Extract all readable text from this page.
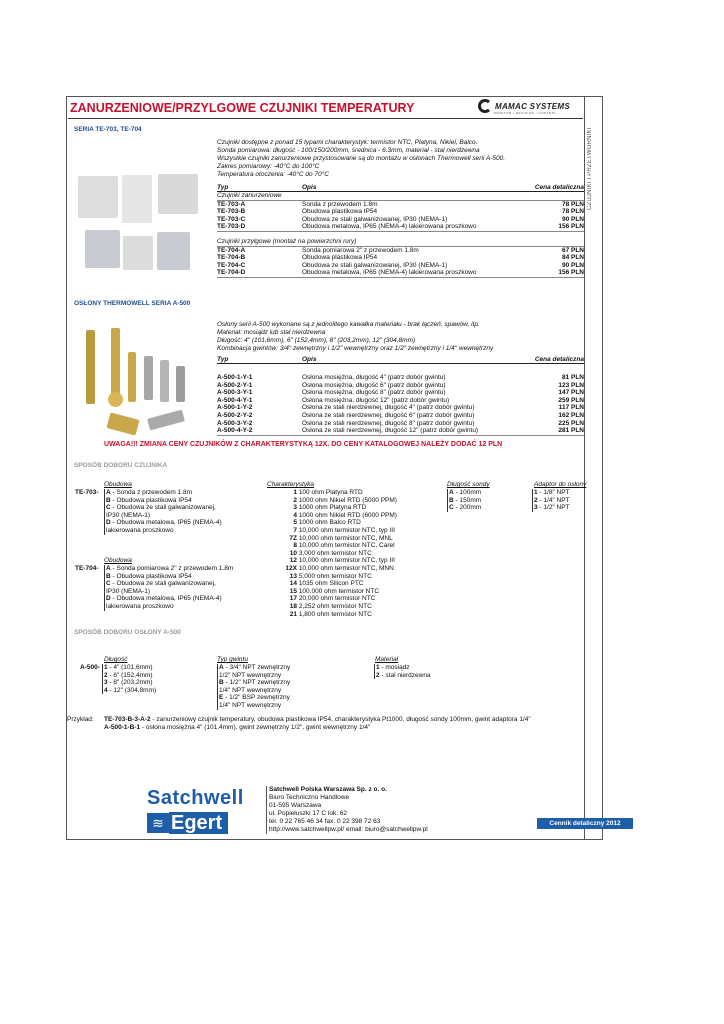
CZUJNIKI I PRZETWORNIKI
ZANURZENIOWE/PRZYLGOWE CZUJNIKI TEMPERATURY	MAMAC SYSTEMS
MONITOR • DECISION • CONTROL
SERIA TE-703, TE-704
Czujniki dostępne z ponad 15 typami charakterystyk: termistor NTC, Platyna, Nikiel, Balco.
Sonda pomiarowa: długość - 100/150/200mm, średnica - 6.3mm, materiał - stal nierdzewna
Wszystkie czujniki zanurzeniowe przystosowane są do montażu w osłonach Thermowell serii A-500.
Zakres pomiarowy: -40°C do 100°C
Temperatura otoczenia: -40°C do 70°C
Typ	Opis	Cena detaliczna
Czujniki zanurzeniowe
TE-703-A	Sonda z przewodem 1.8m	78 PLN
TE-703-B	Obudowa plastikowa IP54	78 PLN
TE-703-C	Obudowa ze stali galwanizowanej, IP30 (NEMA-1)	90 PLN
TE-703-D	Obudowa metalowa, IP65 (NEMA-4) lakierowana proszkowo	156 PLN
Czujniki przylgowe (montaż na powierzchni rury)
TE-704-A	Sonda pomiarowa 2" z przewodem 1.8m	67 PLN
TE-704-B	Obudowa plastikowa IP54	84 PLN
TE-704-C	Obudowa ze stali galwanizowanej, IP30 (NEMA-1)	90 PLN
TE-704-D	Obudowa metalowa, IP65 (NEMA-4) lakierowana proszkowo	156 PLN
OSŁONY THERMOWELL SERIA A-500
Osłony serii A-500 wykonane są z jednolitego kawałka materiału - brak łączeń, spawów, itp.
Materiał: mosiądz lub stal nierdzewna
Długość: 4" (101,6mm), 6" (152,4mm), 8" (203,2mm), 12" (304,8mm)
Kombinacja gwintów: 3/4" zewnętrzny i 1/2" wewnętrzny oraz 1/2" zewnętrzny i 1/4" wewnętrzny
Typ	Opis	Cena detaliczna
A-500-1-Y-1	Osłona mosiężna, długość 4" (patrz dobór gwintu)	81 PLN
A-500-2-Y-1	Osłona mosiężna, długość 6" (patrz dobór gwintu)	123 PLN
A-500-3-Y-1	Osłona mosiężna, długość 8" (patrz dobór gwintu)	147 PLN
A-500-4-Y-1	Osłona mosiężna, długość 12" (patrz dobór gwintu)	259 PLN
A-500-1-Y-2	Osłona ze stali nierdzewnej, długość 4" (patrz dobór gwintu)	117 PLN
A-500-2-Y-2	Osłona ze stali nierdzewnej, długość 6" (patrz dobór gwintu)	162 PLN
A-500-3-Y-2	Osłona ze stali nierdzewnej, długość 8" (patrz dobór gwintu)	225 PLN
A-500-4-Y-2	Osłona ze stali nierdzewnej, długość 12" (patrz dobór gwintu)	281 PLN
UWAGA!!! ZMIANA CENY CZUJNIKÓW Z CHARAKTERYSTYKĄ 12X. DO CENY KATALOGOWEJ NALEŻY DODAĆ 12 PLN
SPOSÓB DOBORU CZUJNIKA
Obudowa
TE-703- A - Sonda z przewodem 1.8m
B - Obudowa plastikowa IP54
C - Obudowa ze stali galwanizowanej,
IP30 (NEMA-1)
D - Obudowa metalowa, IP65 (NEMA-4)
lakierowana proszkowo
Obudowa
TE-704- A - Sonda pomiarowa 2" z przewodem 1.8m
B - Obudowa plastikowa IP54
C - Obudowa ze stali galwanizowanej,
IP30 (NEMA-1)
D - Obudowa metalowa, IP65 (NEMA-4)
lakierowana proszkowo
Charakterystyka
1 100 ohm Platyna RTD
2 1000 ohm Nikiel RTD (5000 PPM)
3 1000 ohm Platyna RTD
4 1000 ohm Nikiel RTD (6000 PPM)
5 1000 ohm Balco RTD
7 10,000 ohm termistor NTC, typ III
7Z 10,000 ohm termistor NTC, MNL
8 10,000 ohm termistor NTC, Carel
10 3,000 ohm termistor NTC
12 10,000 ohm termistor NTC, typ III
12X 10,000 ohm termistor NTC, MNN
13 5,000 ohm termistor NTC
14 1035 ohm Silicon PTC
15 100,000 ohm termistor NTC
17 20,000 ohm termistor NTC
18 2,252 ohm termistor NTC
21 1,800 ohm termistor NTC
Długość sondy
A - 100mm
B - 150mm
C - 200mm
Adaptor do osłony
1 - 1/8" NPT
2 - 1/4" NPT
3 - 1/2" NPT
SPOSÓB DOBORU OSŁONY A-500
Długość
A-500- 1 - 4" (101,6mm)
2 - 6" (152,4mm)
3 - 8" (203,2mm)
4 - 12" (304,8mm)
Typ gwintu
A - 3/4" NPT zewnętrzny
1/2" NPT wewnętrzny
B - 1/2" NPT zewnętrzny
1/4" NPT wewnętrzny
E - 1/2" BSP zewnętrzny
1/4" NPT wewnętrzny
Materiał
1 - mosiądz
2 - stal nierdzewna
Przykład: TE-703-B-3-A-2 - zanurzeniowy czujnik temperatury, obudowa plastikowa IP54, charakterystyka Pt1000, długość sondy 100mm, gwint adaptora 1/4"
A-500-1-B-1 - osłona mosiężna 4" (101,4mm), gwint zewnętrzny 1/2", gwint wewnętrzny 1/4"
Satchwell
≋ Egert
Satchwell Polska Warszawa Sp. z o. o.
Biuro Techniczno Handlowe
01-595 Warszawa
ul. Popiełuszki 17 C lok. 62
tel. 0 22 765 46 34 fax. 0 22 398 72 63
http://www.satchwellpw.pl/ email: biuro@satchwellpw.pl
Cennik detaliczny 2012
